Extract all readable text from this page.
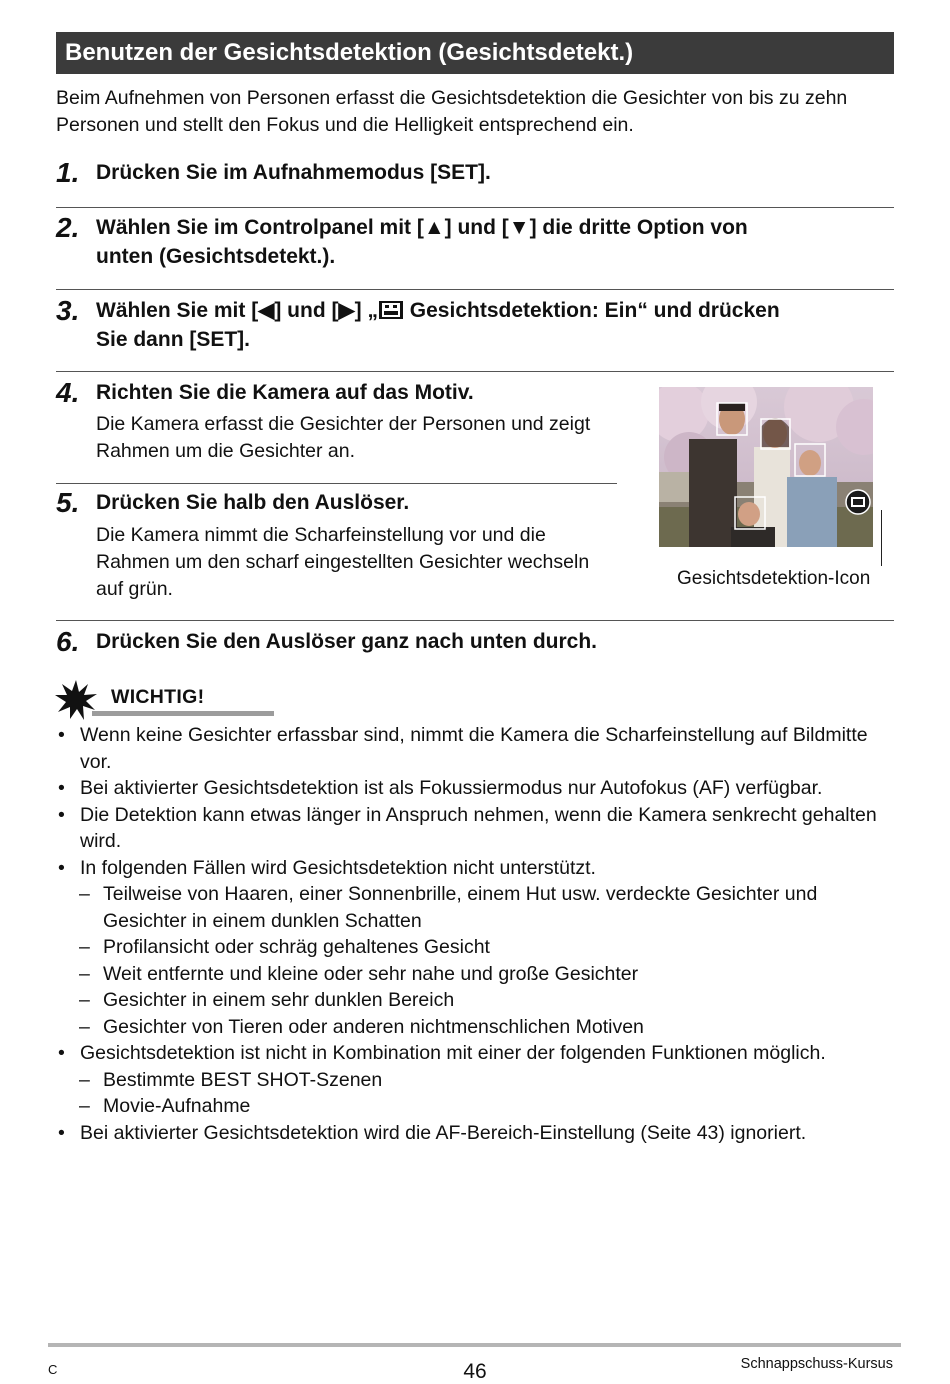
Benutzen der Gesichtsdetektion (Gesichtsdetekt.)
Beim Aufnehmen von Personen erfasst die Gesichtsdetektion die Gesichter von bis zu zehn Personen und stellt den Fokus und die Helligkeit entsprechend ein.
1. Drücken Sie im Aufnahmemodus [SET].
2. Wählen Sie im Controlpanel mit [▲] und [▼] die dritte Option von
unten (Gesichtsdetekt.).
3. Wählen Sie mit [◀] und [▶] „ Gesichtsdetektion: Ein“ und drücken
Sie dann [SET].
4. Richten Sie die Kamera auf das Motiv.
Die Kamera erfasst die Gesichter der Personen und zeigt Rahmen um die Gesichter an.
5. Drücken Sie halb den Auslöser.
Die Kamera nimmt die Scharfeinstellung vor und die Rahmen um den scharf eingestellten Gesichter wechseln auf grün.	Gesichtsdetektion-Icon
6. Drücken Sie den Auslöser ganz nach unten durch.
WICHTIG!
• Wenn keine Gesichter erfassbar sind, nimmt die Kamera die Scharfeinstellung auf Bildmitte vor.
• Bei aktivierter Gesichtsdetektion ist als Fokussiermodus nur Autofokus (AF) verfügbar.
• Die Detektion kann etwas länger in Anspruch nehmen, wenn die Kamera senkrecht gehalten wird.
• In folgenden Fällen wird Gesichtsdetektion nicht unterstützt.
– Teilweise von Haaren, einer Sonnenbrille, einem Hut usw. verdeckte Gesichter und Gesichter in einem dunklen Schatten
– Profilansicht oder schräg gehaltenes Gesicht
– Weit entfernte und kleine oder sehr nahe und große Gesichter
– Gesichter in einem sehr dunklen Bereich
– Gesichter von Tieren oder anderen nichtmenschlichen Motiven
• Gesichtsdetektion ist nicht in Kombination mit einer der folgenden Funktionen möglich.
– Bestimmte BEST SHOT-Szenen
– Movie-Aufnahme
• Bei aktivierter Gesichtsdetektion wird die AF-Bereich-Einstellung (Seite 43) ignoriert.
C	46	Schnappschuss-Kursus
